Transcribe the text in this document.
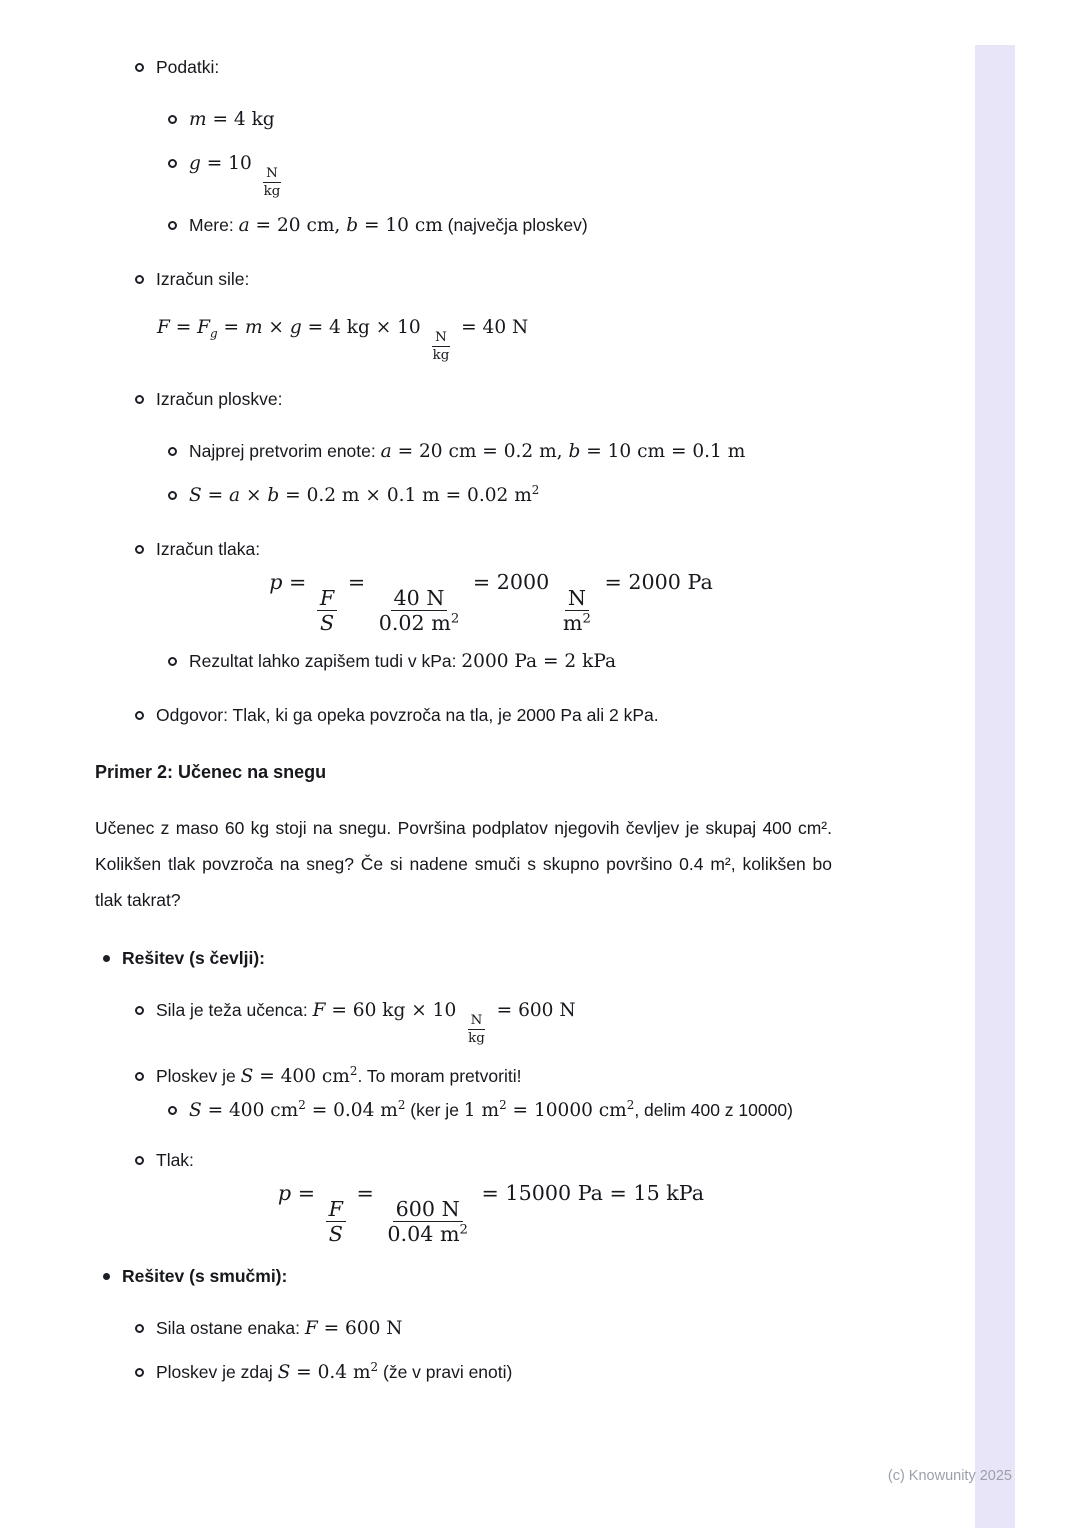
Podatki:
m = 4 kg
g = 10
$\frac{N}{kg}$
Mere: a = 20 cm, b = 10 cm (največja ploskev)
Izračun sile:
$F = F_g = m \times g = 4$ kg × 10
$\frac{N}{kg}$
= 40 N
Izračun ploskve:
Najprej pretvorim enote: a = 20 cm = 0.2 m, b = 10 cm = 0.1 m
S = a × b = 0.2 m × 0.1 m = 0.02 $m^2$
Izračun tlaka:
p =
$\frac{F}{S}$
=
$\frac{40 N}{0.02 m^2}$
= 2000
$\frac{N}{m^2}$
= 2000 Pa
Rezultat lahko zapišem tudi v kPa: 2000 Pa = 2 kPa
Odgovor: Tlak, ki ga opeka povzroča na tla, je 2000 Pa ali 2 kPa.
Primer 2: Učenec na snegu
Učenec z maso 60 kg stoji na snegu. Površina podplatov njegovih čevljev je skupaj 400 cm². Kolikšen tlak povzroča na sneg? Če si nadene smuči s skupno površino 0.4 m², kolikšen bo tlak takrat?
Rešitev (s čevlji):
Sila je teža učenca: F = 60 kg × 10
$\frac{N}{kg}$
= 600 N
Ploskev je S = 400 $cm^2$. To moram pretvoriti!
S = 400 $cm^2 = 0.04$ $m^2$ (ker je 1 $m^2 = 10000$ $cm^2$, delim 400 z 10000)
Tlak:
p =
$\frac{F}{S}$
=
$\frac{600 N}{0.04 m^2}$
= 15000 Pa = 15 kPa
Rešitev (s smučmi):
Sila ostane enaka: F = 600 N
Ploskev je zdaj S = 0.4 $m^2$ (že v pravi enoti)
(c) Knowunity 2025
